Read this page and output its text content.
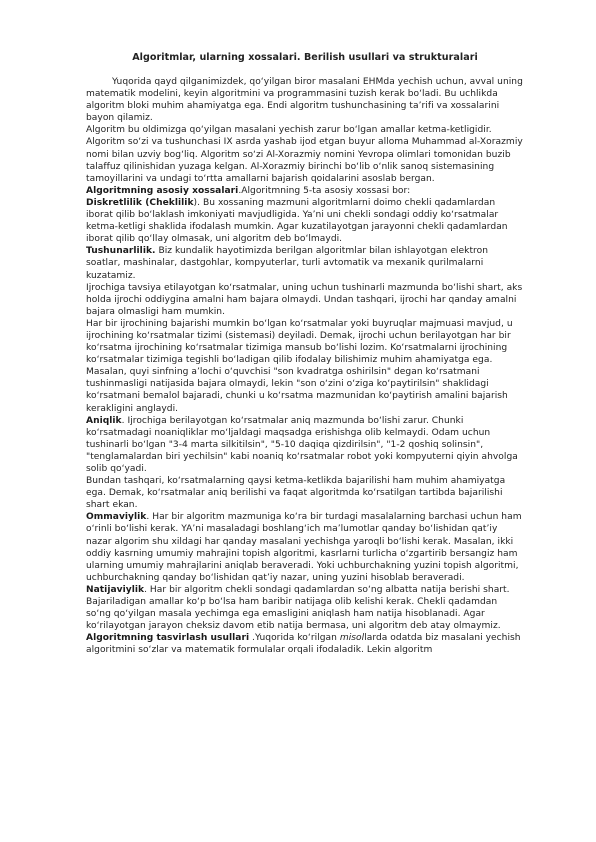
Algoritmlar, ularning xossalari. Berilish usullari va strukturalari

Yuqorida qayd qilganimizdek, qo‘yilgan biror masalani EHMda yechish uchun, avval uning matematik modelini, keyin algoritmini va programmasini tuzish kerak bo‘ladi. Bu uchlikda algoritm bloki muhim ahamiyatga ega. Endi algoritm tushunchasining ta’rifi va xossalarini bayon qilamiz.

Algoritm bu oldimizga qo‘yilgan masalani yechish zarur bo‘lgan amallar ketma-ketligidir. Algoritm so‘zi va tushunchasi IX asrda yashab ijod etgan buyur alloma Muhammad al-Xorazmiy nomi bilan uzviy bog‘liq. Algoritm so‘zi Al-Xorazmiy nomini Yevropa olimlari tomonidan buzib talaffuz qilinishidan yuzaga kelgan. Al-Xorazmiy birinchi bo‘lib o‘nlik sanoq sistemasining tamoyillarini va undagi to‘rtta amallarni bajarish qoidalarini asoslab bergan.

Algoritmning asosiy xossalari.Algoritmning 5-ta asosiy xossasi bor:

Diskretlilik (Cheklilik). Bu xossaning mazmuni algoritmlarni doimo chekli qadamlardan iborat qilib bo‘laklash imkoniyati mavjudligida. Ya’ni uni chekli sondagi oddiy ko‘rsatmalar ketma-ketligi shaklida ifodalash mumkin. Agar kuzatilayotgan jarayonni chekli qadamlardan iborat qilib qo‘llay olmasak, uni algoritm deb bo‘lmaydi.

Tushunarlilik. Biz kundalik hayotimizda berilgan algoritmlar bilan ishlayotgan elektron soatlar, mashinalar, dastgohlar, kompyuterlar, turli avtomatik va mexanik qurilmalarni kuzatamiz.

Ijrochiga tavsiya etilayotgan ko‘rsatmalar, uning uchun tushinarli mazmunda bo‘lishi shart, aks holda ijrochi oddiygina amalni ham bajara olmaydi. Undan tashqari, ijrochi har qanday amalni bajara olmasligi ham mumkin.

Har bir ijrochining bajarishi mumkin bo‘lgan ko‘rsatmalar yoki buyruqlar majmuasi mavjud, u ijrochining ko‘rsatmalar tizimi (sistemasi) deyiladi. Demak, ijrochi uchun berilayotgan har bir ko‘rsatma ijrochining ko‘rsatmalar tizimiga mansub bo‘lishi lozim. Ko‘rsatmalarni ijrochining ko‘rsatmalar tizimiga tegishli bo‘ladigan qilib ifodalay bilishimiz muhim ahamiyatga ega. Masalan, quyi sinfning a’lochi o‘quvchisi "son kvadratga oshirilsin" degan ko‘rsatmani tushinmasligi natijasida bajara olmaydi, lekin "son o‘zini o‘ziga ko‘paytirilsin" shaklidagi ko‘rsatmani bemalol bajaradi, chunki u ko‘rsatma mazmunidan ko‘paytirish amalini bajarish kerakligini anglaydi.

Aniqlik. Ijrochiga berilayotgan ko‘rsatmalar aniq mazmunda bo‘lishi zarur. Chunki ko‘rsatmadagi noaniqliklar mo‘ljaldagi maqsadga erishishga olib kelmaydi. Odam uchun tushinarli bo‘lgan "3-4 marta silkitilsin", "5-10 daqiqa qizdirilsin", "1-2 qoshiq solinsin", "tenglamalardan biri yechilsin" kabi noaniq ko‘rsatmalar robot yoki kompyuterni qiyin ahvolga solib qo‘yadi.

Bundan tashqari, ko‘rsatmalarning qaysi ketma-ketlikda bajarilishi ham muhim ahamiyatga ega. Demak, ko‘rsatmalar aniq berilishi va faqat algoritmda ko‘rsatilgan tartibda bajarilishi shart ekan.

Ommaviylik. Har bir algoritm mazmuniga ko‘ra bir turdagi masalalarning barchasi uchun ham o‘rinli bo‘lishi kerak. YA’ni masaladagi boshlang‘ich ma’lumotlar qanday bo‘lishidan qat’iy nazar algorim shu xildagi har qanday masalani yechishga yaroqli bo‘lishi kerak. Masalan, ikki oddiy kasrning umumiy mahrajini topish algoritmi, kasrlarni turlicha o‘zgartirib bersangiz ham ularning umumiy mahrajlarini aniqlab beraveradi. Yoki uchburchakning yuzini topish algoritmi, uchburchakning qanday bo‘lishidan qat’iy nazar, uning yuzini hisoblab beraveradi.

Natijaviylik. Har bir algoritm chekli sondagi qadamlardan so‘ng albatta natija berishi shart. Bajariladigan amallar ko‘p bo‘lsa ham baribir natijaga olib kelishi kerak. Chekli qadamdan so‘ng qo‘yilgan masala yechimga ega emasligini aniqlash ham natija hisoblanadi. Agar ko‘rilayotgan jarayon cheksiz davom etib natija bermasa, uni algoritm deb atay olmaymiz.

Algoritmning tasvirlash usullari .Yuqorida ko‘rilgan misollarda odatda biz masalani yechish algoritmini so‘zlar va matematik formulalar orqali ifodaladik. Lekin algoritm
